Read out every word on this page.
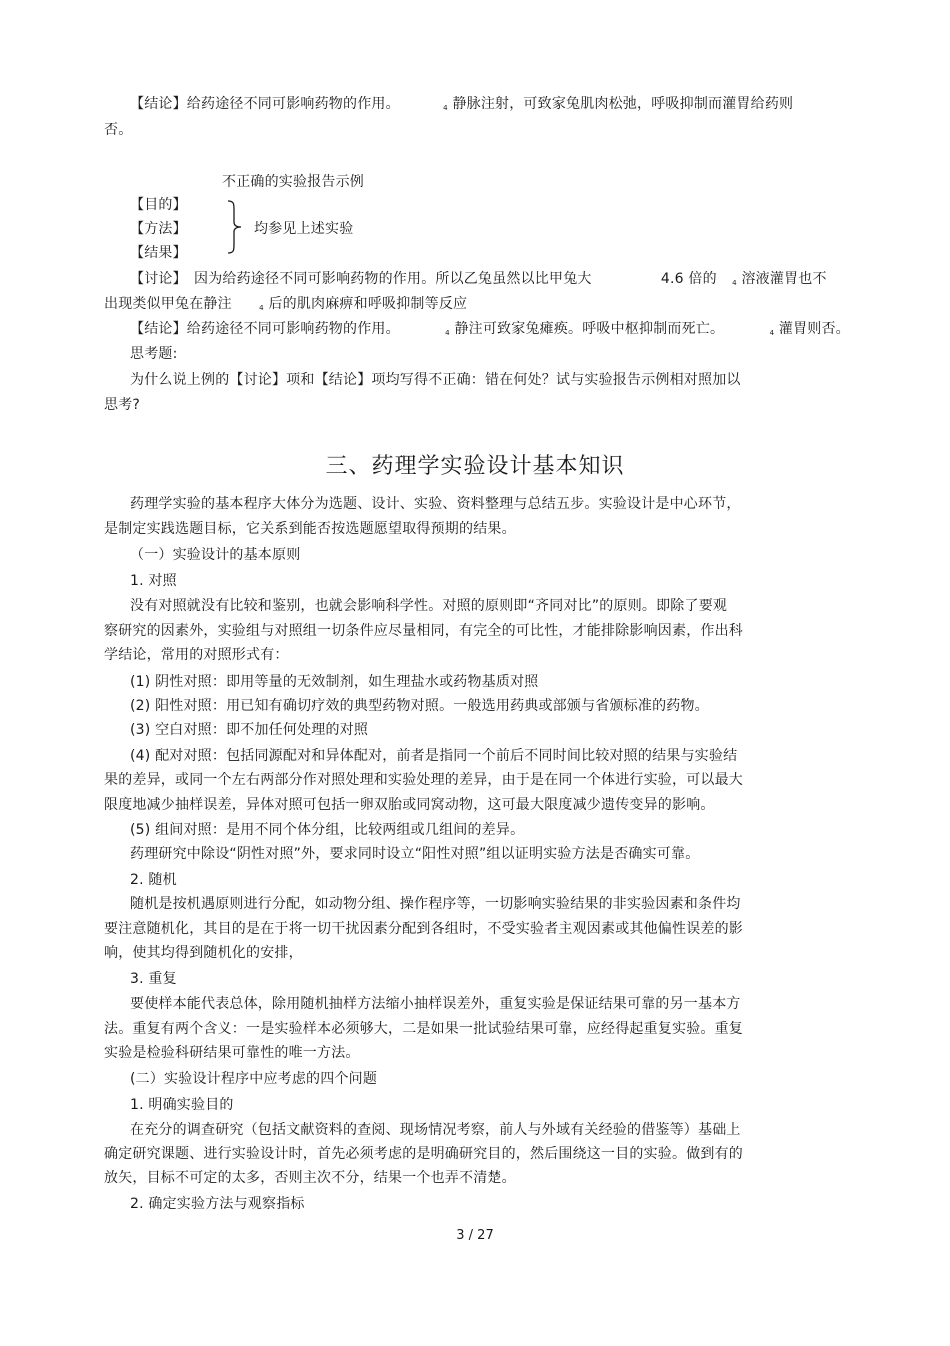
【结论】给药途径不同可影响药物的作用。	4 静脉注射，可致家兔肌肉松弛，呼吸抑制而灌胃给药则
否。
不正确的实验报告示例
【目的】
【方法】
【结果】
均参见上述实验
【讨论】　因为给药途径不同可影响药物的作用。所以乙兔虽然以比甲兔大	4.6 倍的 4 溶液灌胃也不
出现类似甲兔在静注	4 后的肌肉麻痹和呼吸抑制等反应
【结论】给药途径不同可影响药物的作用。	4 静注可致家兔瘫痪。呼吸中枢抑制而死亡。	4 灌胃则否。
思考题:
为什么说上例的【讨论】项和【结论】项均写得不正确：错在何处？试与实验报告示例相对照加以
思考?
三、药理学实验设计基本知识
药理学实验的基本程序大体分为选题、设计、实验、资料整理与总结五步。实验设计是中心环节，
是制定实践选题目标，它关系到能否按选题愿望取得预期的结果。
（一）实验设计的基本原则
1. 对照
没有对照就没有比较和鉴别，也就会影响科学性。对照的原则即“齐同对比”的原则。即除了要观
察研究的因素外，实验组与对照组一切条件应尽量相同，有完全的可比性，才能排除影响因素，作出科
学结论，常用的对照形式有：
(1) 阴性对照：即用等量的无效制剂，如生理盐水或药物基质对照
(2) 阳性对照：用已知有确切疗效的典型药物对照。一般选用药典或部颁与省颁标准的药物。
(3) 空白对照：即不加任何处理的对照
(4) 配对对照：包括同源配对和异体配对，前者是指同一个前后不同时间比较对照的结果与实验结
果的差异，或同一个左右两部分作对照处理和实验处理的差异，由于是在同一个体进行实验，可以最大
限度地减少抽样误差，异体对照可包括一卵双胎或同窝动物，这可最大限度减少遗传变异的影响。
(5) 组间对照：是用不同个体分组，比较两组或几组间的差异。
药理研究中除设“阴性对照”外，要求同时设立“阳性对照”组以证明实验方法是否确实可靠。
2. 随机
随机是按机遇原则进行分配，如动物分组、操作程序等，一切影响实验结果的非实验因素和条件均
要注意随机化，其目的是在于将一切干扰因素分配到各组时，不受实验者主观因素或其他偏性误差的影
响，使其均得到随机化的安排，
3. 重复
要使样本能代表总体，除用随机抽样方法缩小抽样误差外，重复实验是保证结果可靠的另一基本方
法。重复有两个含义：一是实验样本必须够大，二是如果一批试验结果可靠，应经得起重复实验。重复
实验是检验科研结果可靠性的唯一方法。
(二）实验设计程序中应考虑的四个问题
1. 明确实验目的
在充分的调查研究（包括文献资料的查阅、现场情况考察，前人与外域有关经验的借鉴等）基础上
确定研究课题、进行实验设计时，首先必须考虑的是明确研究目的，然后围绕这一目的实验。做到有的
放矢，目标不可定的太多，否则主次不分，结果一个也弄不清楚。
2. 确定实验方法与观察指标
3 / 27
